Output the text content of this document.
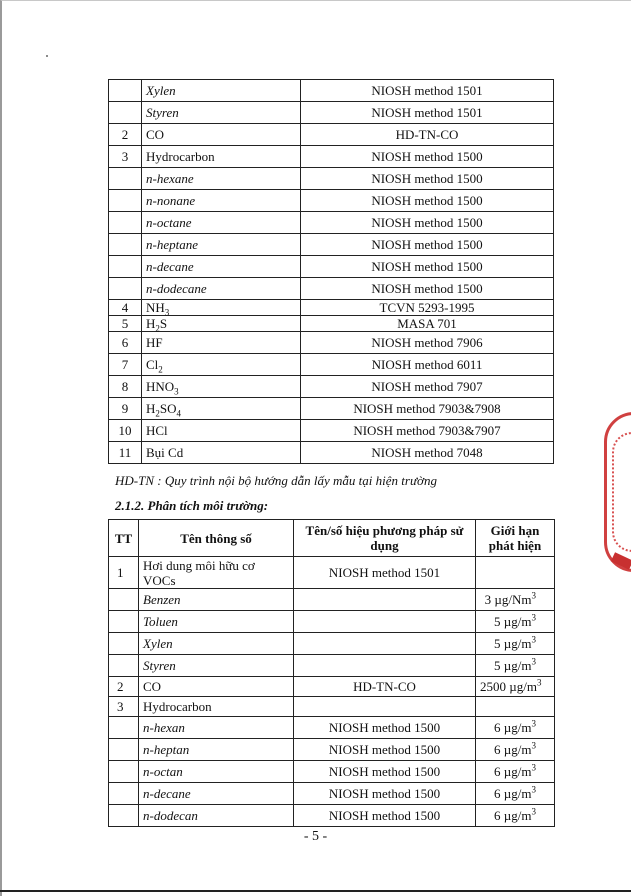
	Xylen	NIOSH method 1501
	Styren	NIOSH method 1501
2	CO	HD-TN-CO
3	Hydrocarbon	NIOSH method 1500
	n-hexane	NIOSH method 1500
	n-nonane	NIOSH method 1500
	n-octane	NIOSH method 1500
	n-heptane	NIOSH method 1500
	n-decane	NIOSH method 1500
	n-dodecane	NIOSH method 1500
4	$NH_3$	TCVN 5293-1995
5	$H_2S$	MASA 701
6	HF	NIOSH method 7906
7	$Cl_2$	NIOSH method 6011
8	$HNO_3$	NIOSH method 7907
9	$H_2SO_4$	NIOSH method 7903&7908
10	HCl	NIOSH method 7903&7907
11	Bụi Cd	NIOSH method 7048
HD-TN : Quy trình nội bộ hướng dẫn lấy mẫu tại hiện trường
2.1.2. Phân tích môi trường:
TT	Tên thông số	Tên/số hiệu phương pháp sử dụng	Giới hạn phát hiện
1	Hơi dung môi hữu cơ VOCs	NIOSH method 1501	
	Benzen		3 µg/Nm$^3$
	Toluen		5 $\mu g/m^3$
	Xylen		5 $\mu g/m^3$
	Styren		5 $\mu g/m^3$
2	CO	HD-TN-CO	2500 $\mu g/m^3$
3	Hydrocarbon		
	n-hexan	NIOSH method 1500	6 $\mu g/m^3$
	n-heptan	NIOSH method 1500	6 $\mu g/m^3$
	n-octan	NIOSH method 1500	6 $\mu g/m^3$
	n-decane	NIOSH method 1500	6 $\mu g/m^3$
	n-dodecan	NIOSH method 1500	6 $\mu g/m^3$
- 5 -
